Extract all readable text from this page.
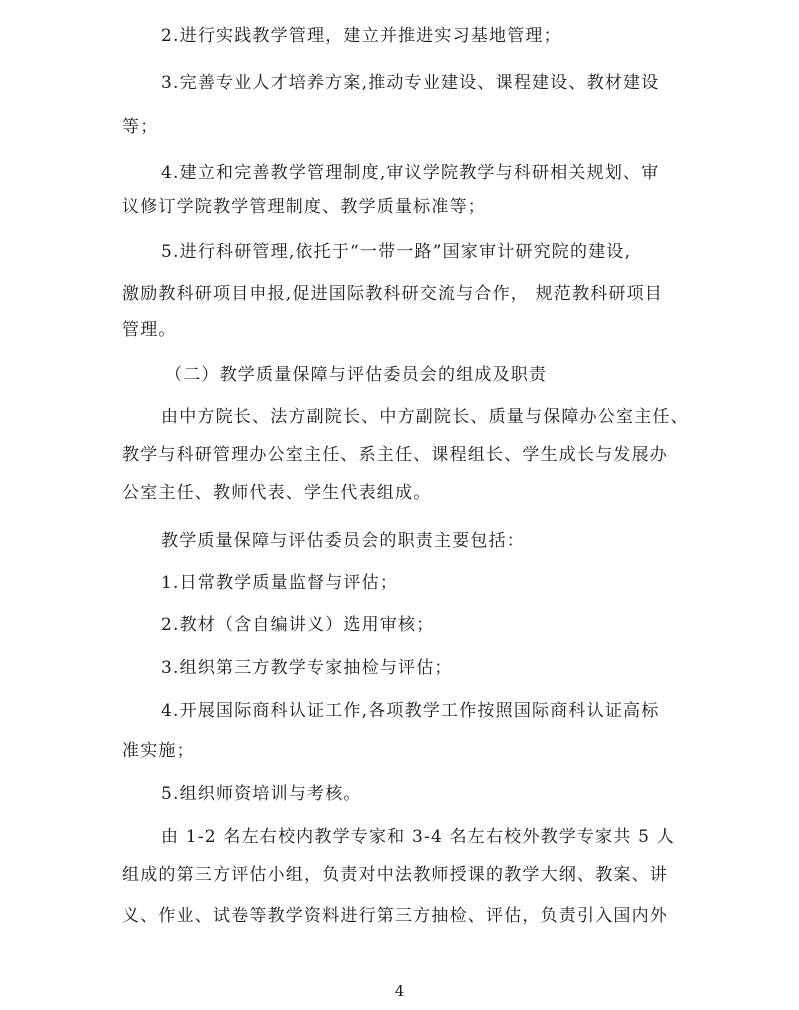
2.进行实践教学管理，建立并推进实习基地管理；
3.完善专业人才培养方案,推动专业建设、课程建设、教材建设
等；
4.建立和完善教学管理制度,审议学院教学与科研相关规划、审
议修订学院教学管理制度、教学质量标准等；
5.进行科研管理,依托于“一带一路”国家审计研究院的建设,
激励教科研项目申报,促进国际教科研交流与合作， 规范教科研项目
管理。
（二）教学质量保障与评估委员会的组成及职责
由中方院长、法方副院长、中方副院长、质量与保障办公室主任、
教学与科研管理办公室主任、系主任、课程组长、学生成长与发展办
公室主任、教师代表、学生代表组成。
教学质量保障与评估委员会的职责主要包括：
1.日常教学质量监督与评估；
2.教材（含自编讲义）选用审核；
3.组织第三方教学专家抽检与评估；
4.开展国际商科认证工作,各项教学工作按照国际商科认证高标
准实施；
5.组织师资培训与考核。
由 1-2 名左右校内教学专家和 3-4 名左右校外教学专家共 5 人
组成的第三方评估小组，负责对中法教师授课的教学大纲、教案、讲
义、作业、试卷等教学资料进行第三方抽检、评估，负责引入国内外
4
